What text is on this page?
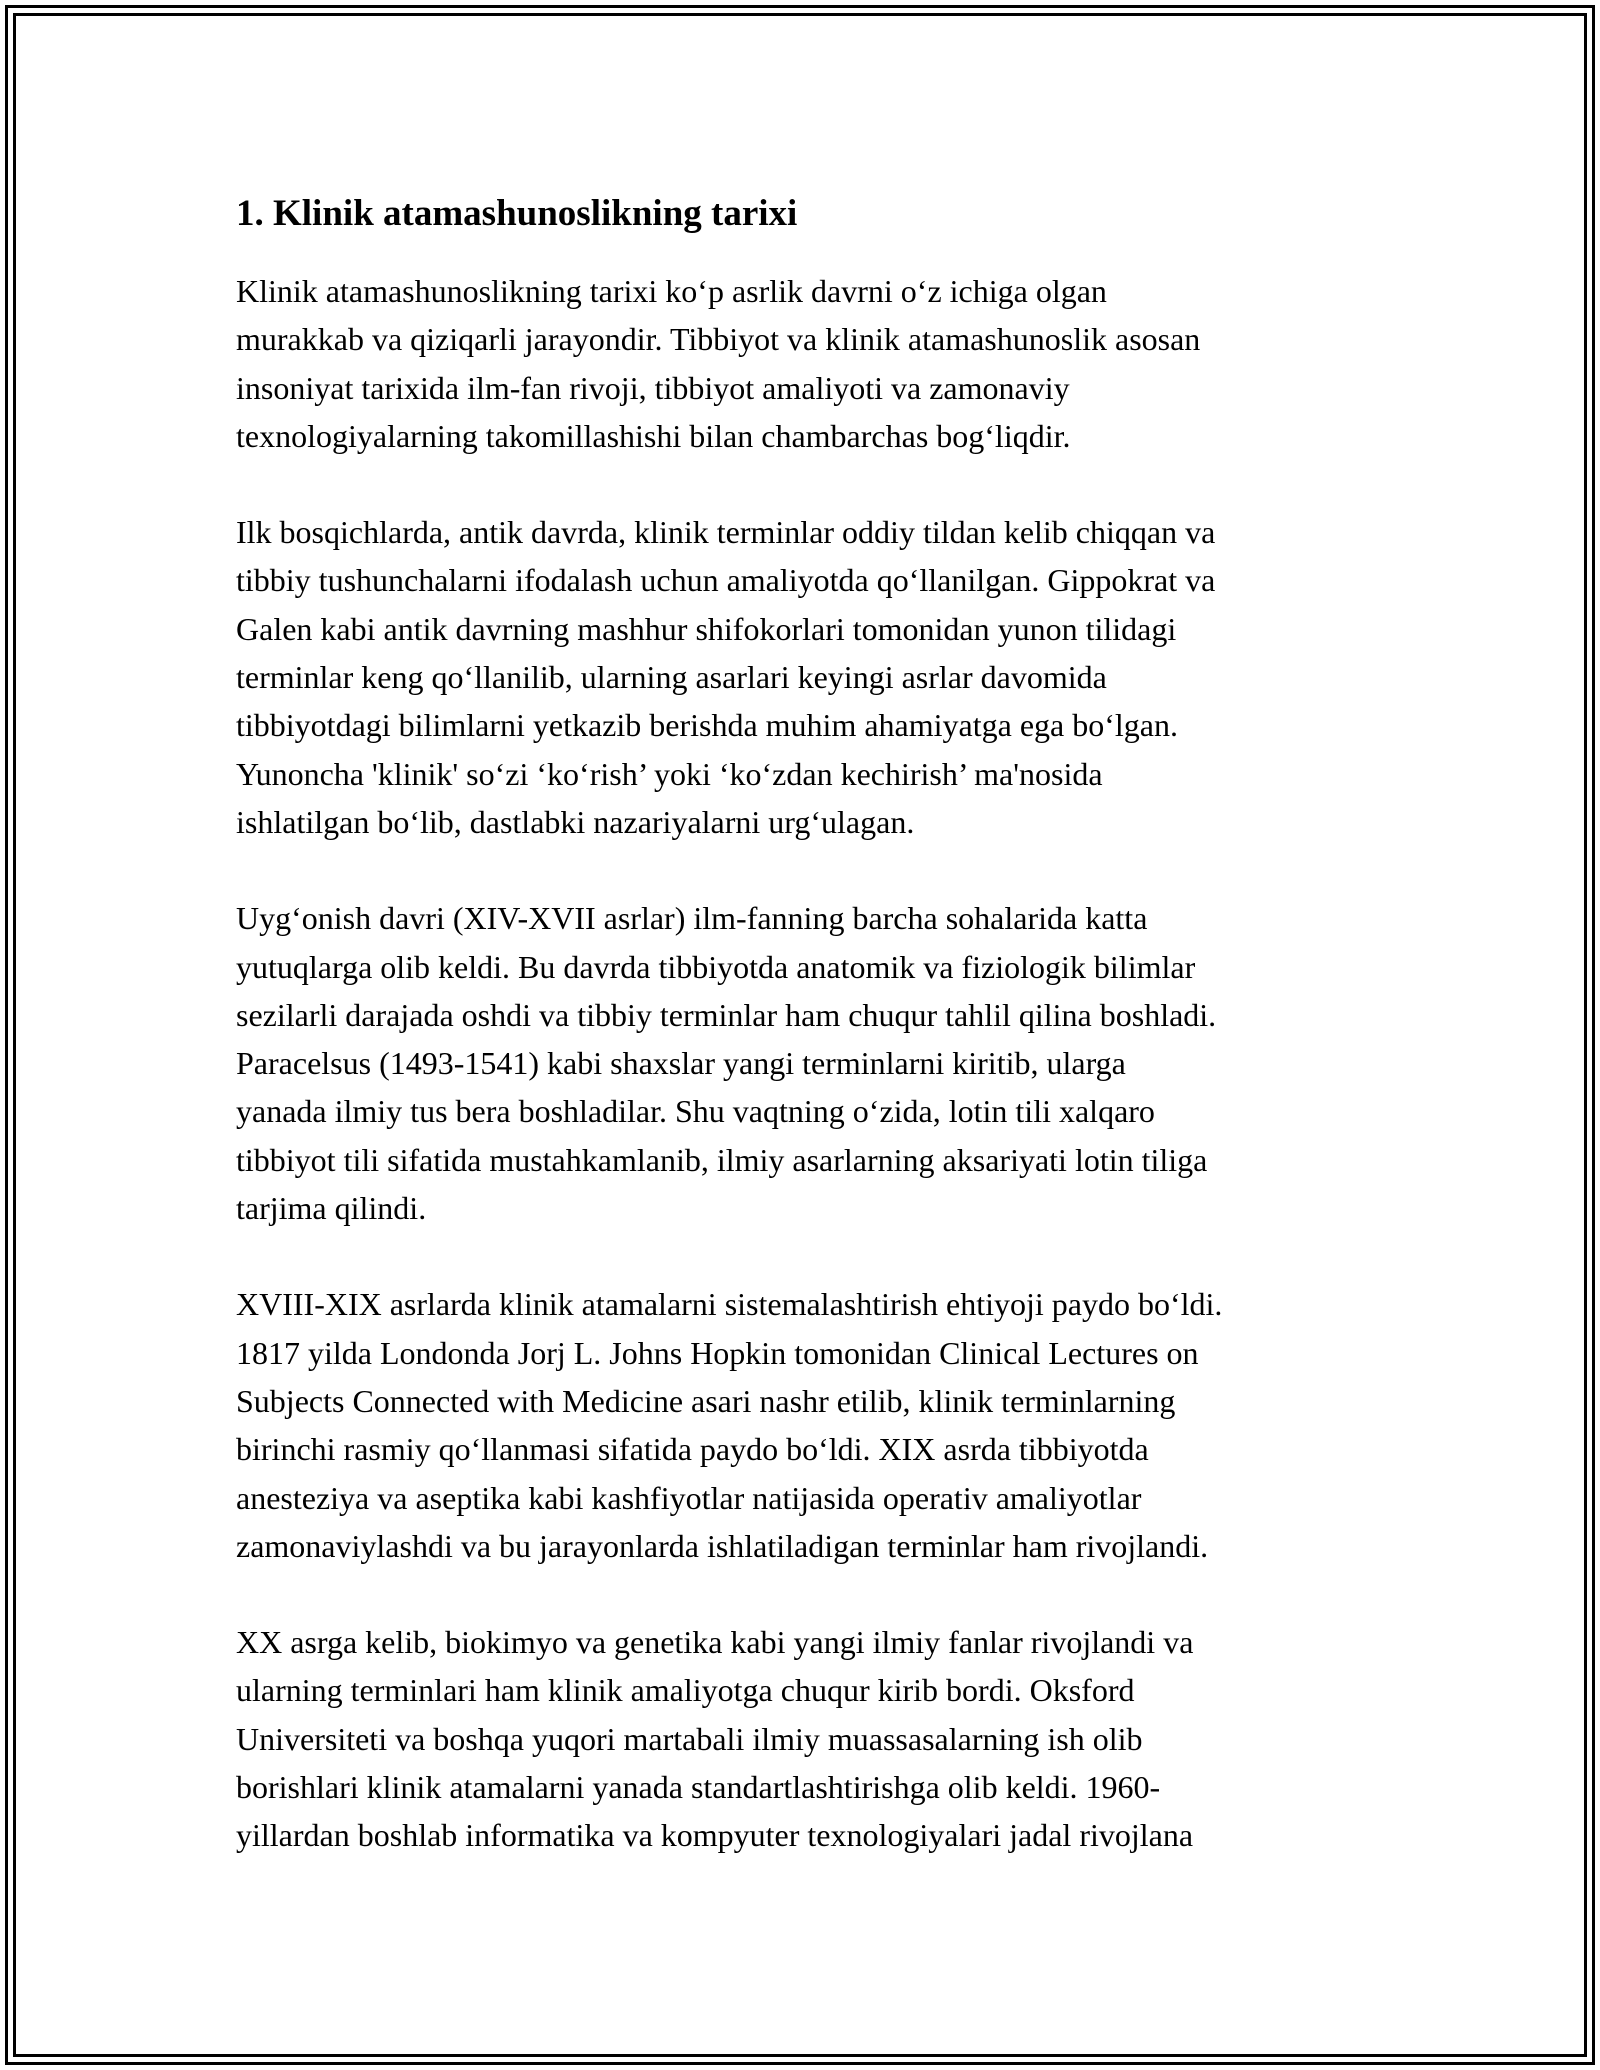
1. Klinik atamashunoslikning tarixi

Klinik atamashunoslikning tarixi ko‘p asrlik davrni o‘z ichiga olgan
murakkab va qiziqarli jarayondir. Tibbiyot va klinik atamashunoslik asosan
insoniyat tarixida ilm-fan rivoji, tibbiyot amaliyoti va zamonaviy
texnologiyalarning takomillashishi bilan chambarchas bog‘liqdir.

Ilk bosqichlarda, antik davrda, klinik terminlar oddiy tildan kelib chiqqan va
tibbiy tushunchalarni ifodalash uchun amaliyotda qo‘llanilgan. Gippokrat va
Galen kabi antik davrning mashhur shifokorlari tomonidan yunon tilidagi
terminlar keng qo‘llanilib, ularning asarlari keyingi asrlar davomida
tibbiyotdagi bilimlarni yetkazib berishda muhim ahamiyatga ega bo‘lgan.
Yunoncha 'klinik' so‘zi ‘ko‘rish’ yoki ‘ko‘zdan kechirish’ ma'nosida
ishlatilgan bo‘lib, dastlabki nazariyalarni urg‘ulagan.

Uyg‘onish davri (XIV-XVII asrlar) ilm-fanning barcha sohalarida katta
yutuqlarga olib keldi. Bu davrda tibbiyotda anatomik va fiziologik bilimlar
sezilarli darajada oshdi va tibbiy terminlar ham chuqur tahlil qilina boshladi.
Paracelsus (1493-1541) kabi shaxslar yangi terminlarni kiritib, ularga
yanada ilmiy tus bera boshladilar. Shu vaqtning o‘zida, lotin tili xalqaro
tibbiyot tili sifatida mustahkamlanib, ilmiy asarlarning aksariyati lotin tiliga
tarjima qilindi.

XVIII-XIX asrlarda klinik atamalarni sistemalashtirish ehtiyoji paydo bo‘ldi.
1817 yilda Londonda Jorj L. Johns Hopkin tomonidan Clinical Lectures on
Subjects Connected with Medicine asari nashr etilib, klinik terminlarning
birinchi rasmiy qo‘llanmasi sifatida paydo bo‘ldi. XIX asrda tibbiyotda
anesteziya va aseptika kabi kashfiyotlar natijasida operativ amaliyotlar
zamonaviylashdi va bu jarayonlarda ishlatiladigan terminlar ham rivojlandi.

XX asrga kelib, biokimyo va genetika kabi yangi ilmiy fanlar rivojlandi va
ularning terminlari ham klinik amaliyotga chuqur kirib bordi. Oksford
Universiteti va boshqa yuqori martabali ilmiy muassasalarning ish olib
borishlari klinik atamalarni yanada standartlashtirishga olib keldi. 1960-
yillardan boshlab informatika va kompyuter texnologiyalari jadal rivojlana
